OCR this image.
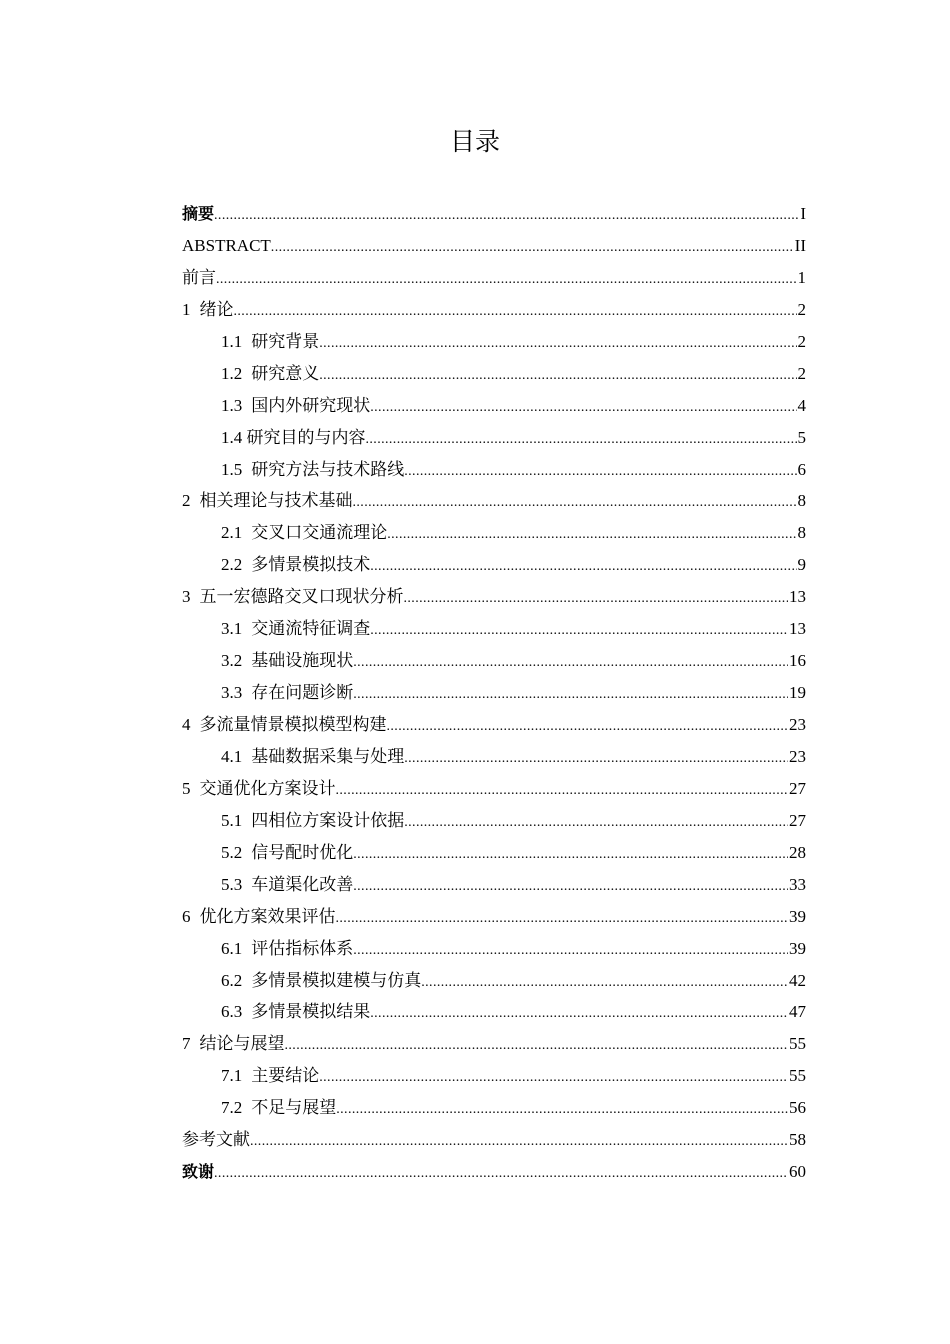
目录
摘要 .....	I
ABSTRACT .....	II
前言 .....	1
1 绪论 .....	2
1.1 研究背景 .....	2
1.2 研究意义 .....	2
1.3 国内外研究现状 .....	4
1.4 研究目的与内容 .....	5
1.5 研究方法与技术路线 .....	6
2 相关理论与技术基础 .....	8
2.1 交叉口交通流理论 .....	8
2.2 多情景模拟技术 .....	9
3 五一宏德路交叉口现状分析 .....	13
3.1 交通流特征调查 .....	13
3.2 基础设施现状 .....	16
3.3 存在问题诊断 .....	19
4 多流量情景模拟模型构建 .....	23
4.1 基础数据采集与处理 .....	23
5 交通优化方案设计 .....	27
5.1 四相位方案设计依据 .....	27
5.2 信号配时优化 .....	28
5.3 车道渠化改善 .....	33
6 优化方案效果评估 .....	39
6.1 评估指标体系 .....	39
6.2 多情景模拟建模与仿真 .....	42
6.3 多情景模拟结果 .....	47
7 结论与展望 .....	55
7.1 主要结论 .....	55
7.2 不足与展望 .....	56
参考文献 .....	58
致谢 .....	60
